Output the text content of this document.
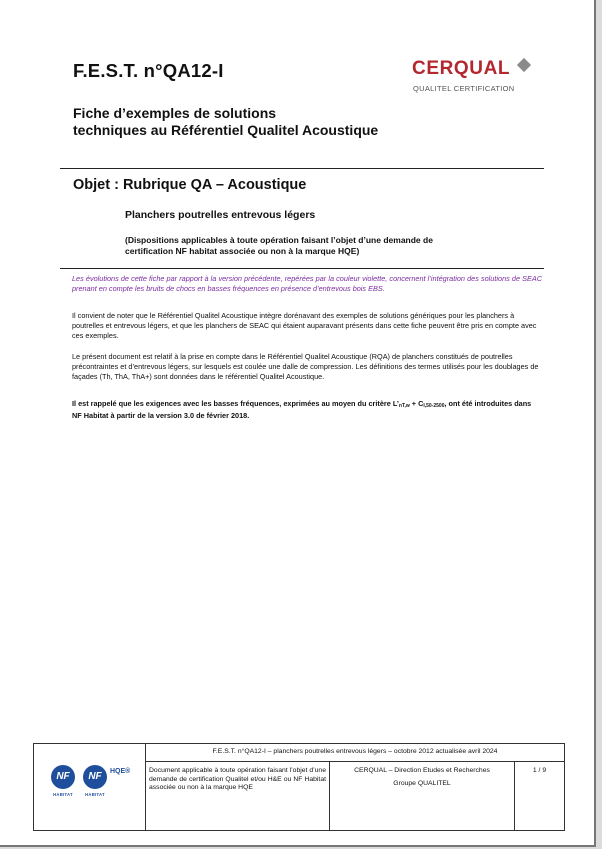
F.E.S.T. n°QA12-I	CERQUAL
QUALITEL CERTIFICATION
Fiche d’exemples de solutions
techniques au Référentiel Qualitel Acoustique
Objet : Rubrique QA – Acoustique
Planchers poutrelles entrevous légers
(Dispositions applicables à toute opération faisant l’objet d’une demande de
certification NF habitat associée ou non à la marque HQE)
Les évolutions de cette fiche par rapport à la version précédente, repérées par la couleur violette, concernent l’intégration des solutions de SEAC prenant en compte les bruits de chocs en basses fréquences en présence d’entrevous bois EBS.
Il convient de noter que le Référentiel Qualitel Acoustique intègre dorénavant des exemples de solutions génériques pour les planchers à poutrelles et entrevous légers, et que les planchers de SEAC qui étaient auparavant présents dans cette fiche peuvent être pris en compte avec ces exemples.
Le présent document est relatif à la prise en compte dans le Référentiel Qualitel Acoustique (RQA) de planchers constitués de poutrelles précontraintes et d’entrevous légers, sur lesquels est coulée une dalle de compression. Les définitions des termes utilisés pour les doublages de façades (Th, ThA, ThA+) sont données dans le référentiel Qualitel Acoustique.
Il est rappelé que les exigences avec les basses fréquences, exprimées au moyen du critère $L’_{nT,w} + C_{I,50-2500}$, ont été introduites dans NF Habitat à partir de la version 3.0 de février 2018.
NF
HABITAT
NF
HABITAT
HQE®
F.E.S.T. n°QA12-I – planchers poutrelles entrevous légers – octobre 2012 actualisée avril 2024
Document applicable à toute opération faisant l’objet d’une demande de certification Qualitel et/ou H&E ou NF Habitat associée ou non à la marque HQE
CERQUAL – Direction Etudes et Recherches
Groupe QUALITEL
1 / 9
